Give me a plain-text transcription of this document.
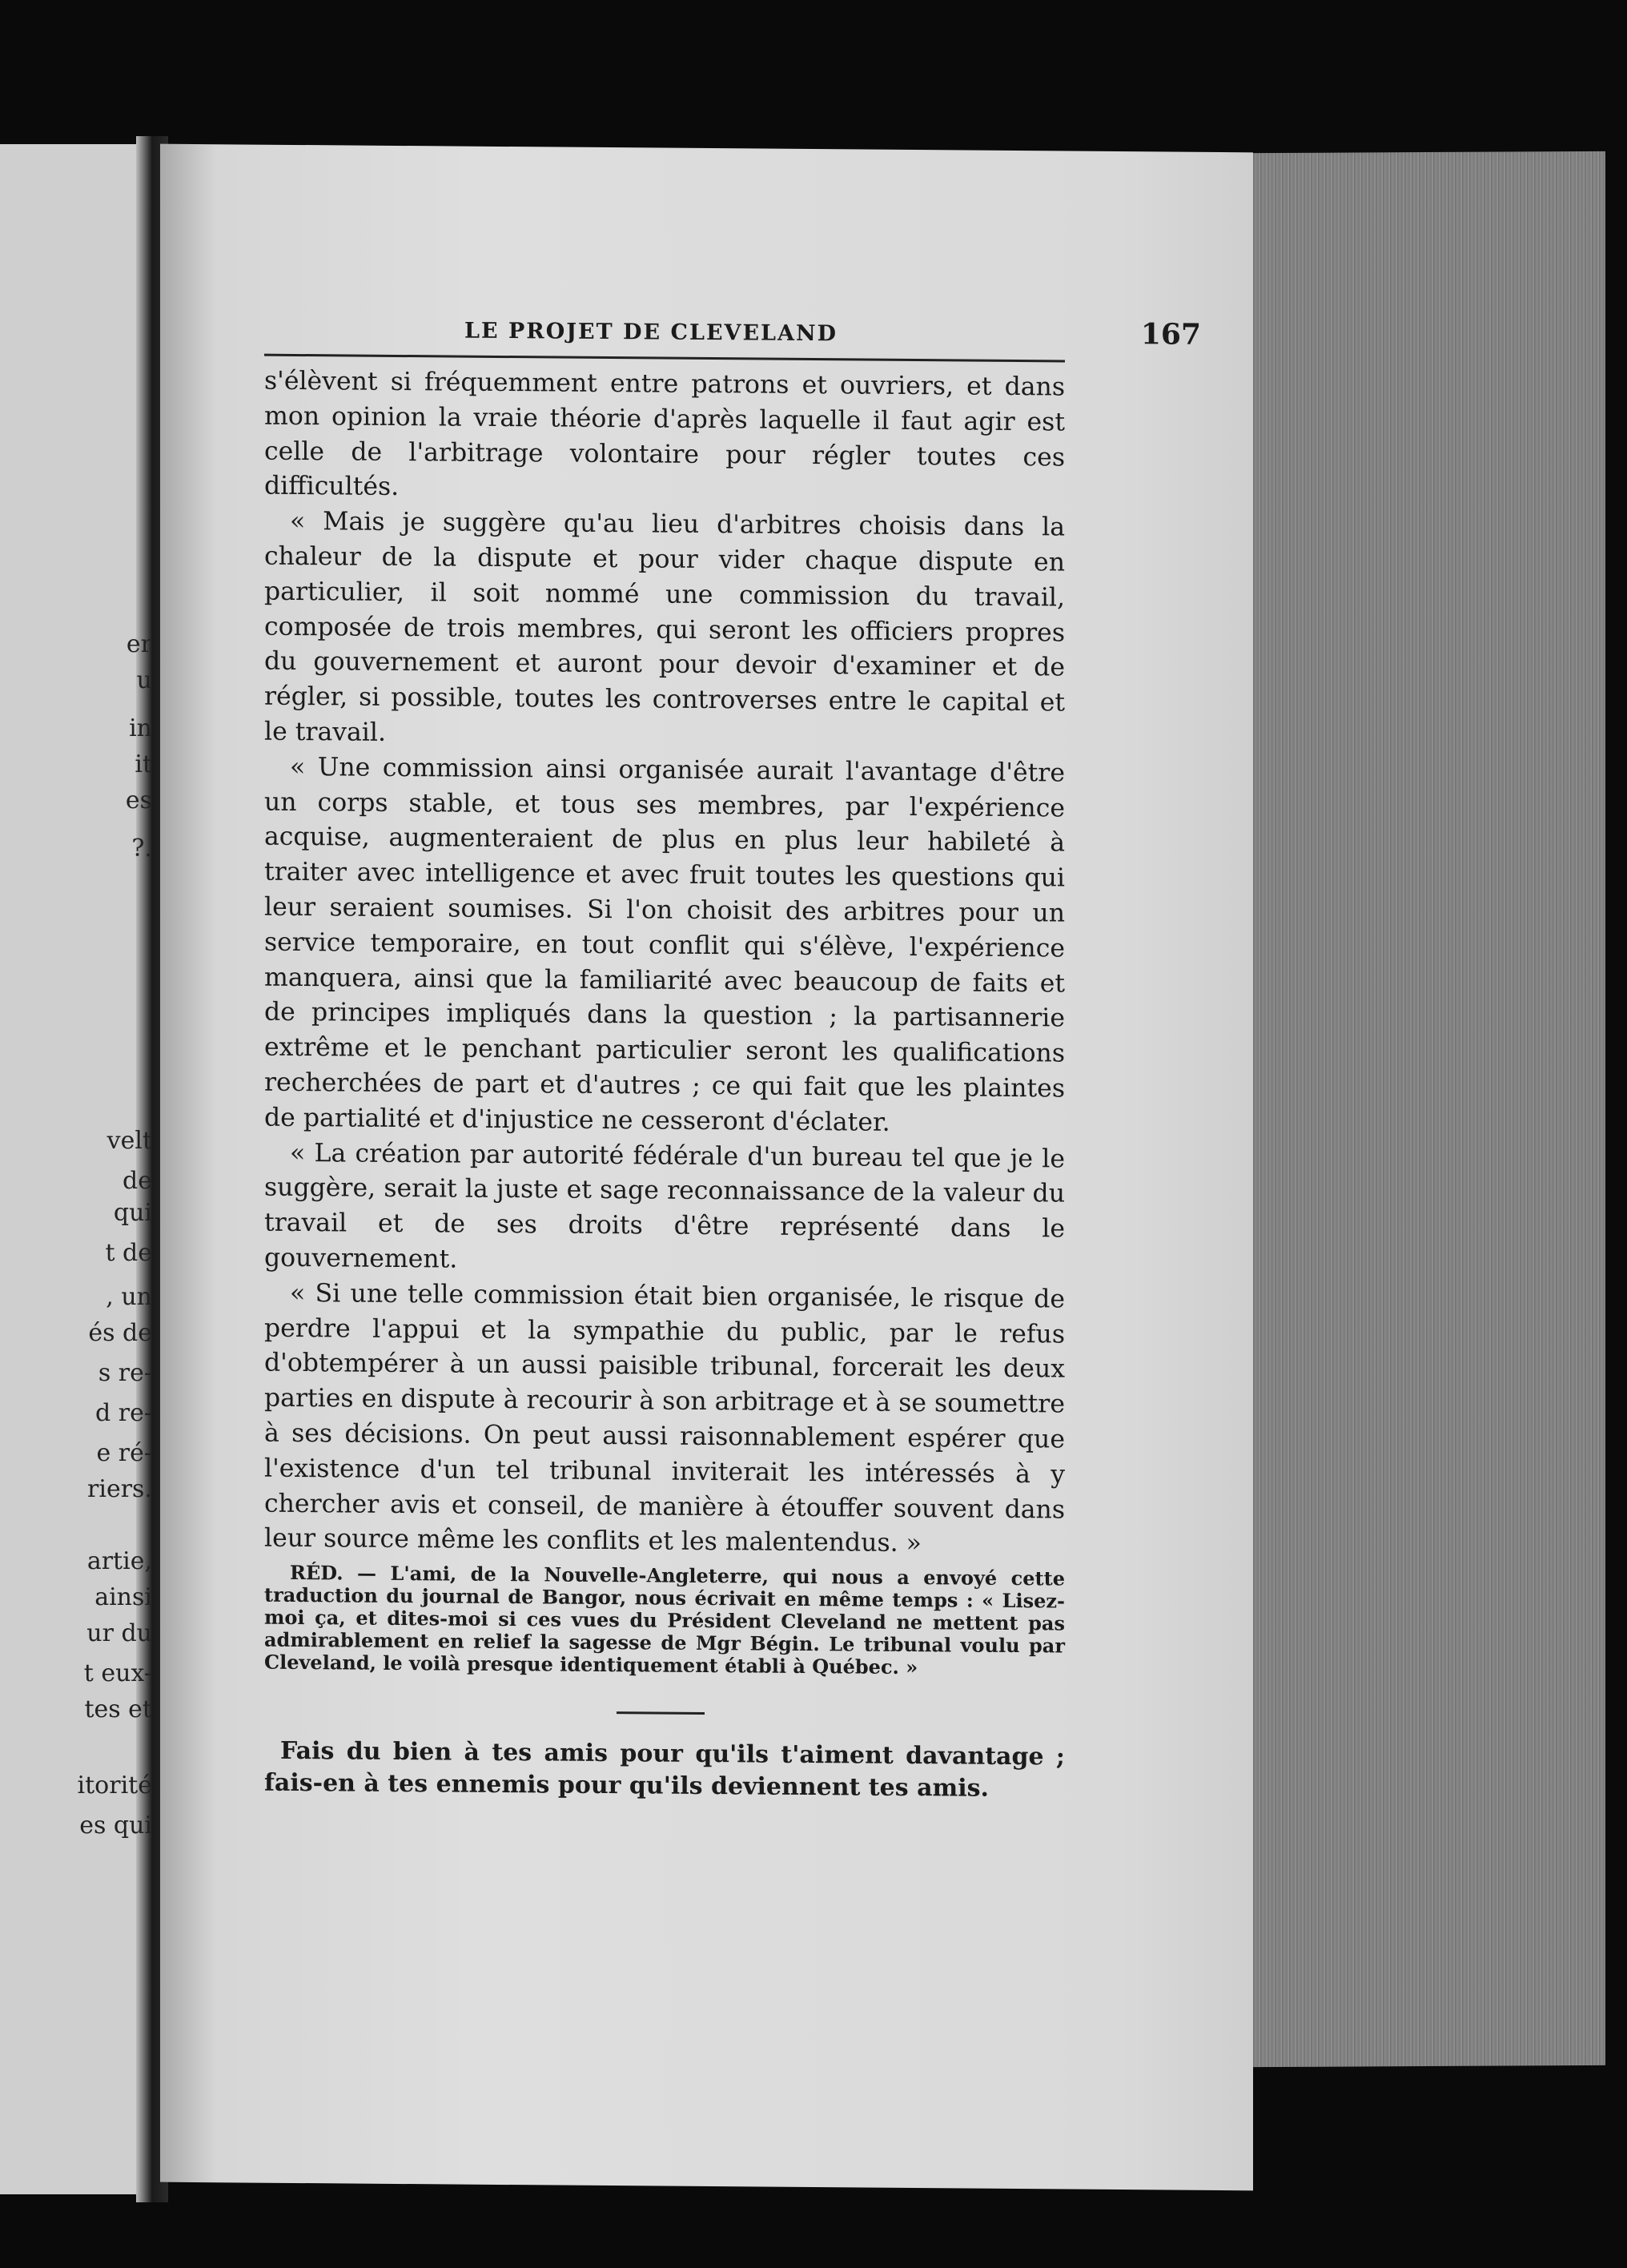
er
u
in
it
es
?.
velt
de
qui
t de
, un
és de
s re-
d re-
e ré-
riers.
artie,
ainsi
ur du
t eux-
tes et
itorité
es qui
LE PROJET DE CLEVELAND	167

s'élèvent si fréquemment entre patrons et ouvriers, et dans mon opinion la vraie théorie d'après laquelle il faut agir est celle de l'arbitrage volontaire pour régler toutes ces difficultés.

« Mais je suggère qu'au lieu d'arbitres choisis dans la chaleur de la dispute et pour vider chaque dispute en particulier, il soit nommé une commission du travail, composée de trois membres, qui seront les officiers propres du gouvernement et auront pour devoir d'examiner et de régler, si possible, toutes les controverses entre le capital et le travail.

« Une commission ainsi organisée aurait l'avantage d'être un corps stable, et tous ses membres, par l'expérience acquise, augmenteraient de plus en plus leur habileté à traiter avec intelligence et avec fruit toutes les questions qui leur seraient soumises. Si l'on choisit des arbitres pour un service temporaire, en tout conflit qui s'élève, l'expérience manquera, ainsi que la familiarité avec beaucoup de faits et de principes impliqués dans la question ; la partisannerie extrême et le penchant particulier seront les qualifications recherchées de part et d'autres ; ce qui fait que les plaintes de partialité et d'injustice ne cesseront d'éclater.

« La création par autorité fédérale d'un bureau tel que je le suggère, serait la juste et sage reconnaissance de la valeur du travail et de ses droits d'être représenté dans le gouvernement.

« Si une telle commission était bien organisée, le risque de perdre l'appui et la sympathie du public, par le refus d'obtempérer à un aussi paisible tribunal, forcerait les deux parties en dispute à recourir à son arbitrage et à se soumettre à ses décisions. On peut aussi raisonnablement espérer que l'existence d'un tel tribunal inviterait les intéressés à y chercher avis et conseil, de manière à étouffer souvent dans leur source même les conflits et les malentendus. »

RÉD. — L'ami, de la Nouvelle-Angleterre, qui nous a envoyé cette traduction du journal de Bangor, nous écrivait en même temps : « Lisez-moi ça, et dites-moi si ces vues du Président Cleveland ne mettent pas admirablement en relief la sagesse de Mgr Bégin. Le tribunal voulu par Cleveland, le voilà presque identiquement établi à Québec. »

Fais du bien à tes amis pour qu'ils t'aiment davantage ; fais-en à tes ennemis pour qu'ils deviennent tes amis.
